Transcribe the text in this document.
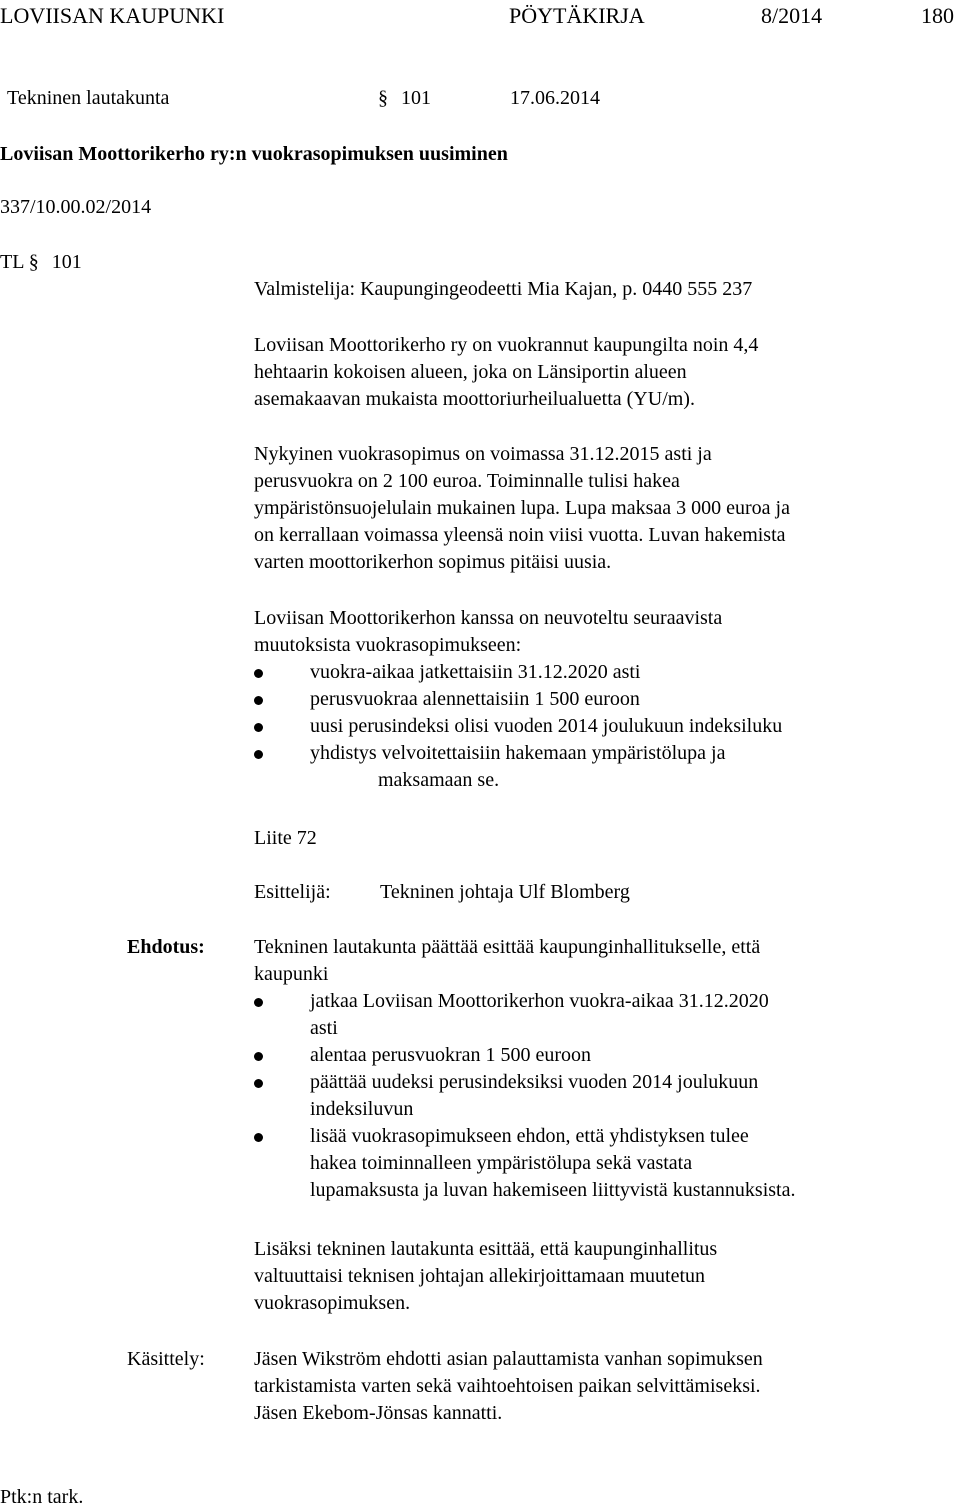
LOVIISAN KAUPUNKI	PÖYTÄKIRJA	8/2014	180
Tekninen lautakunta	§ 101	17.06.2014
Loviisan Moottorikerho ry:n vuokrasopimuksen uusiminen
337/10.00.02/2014
TL § 101
Valmistelija: Kaupungingeodeetti Mia Kajan, p. 0440 555 237

Loviisan Moottorikerho ry on vuokrannut kaupungilta noin 4,4

hehtaarin kokoisen alueen, joka on Länsiportin alueen

asemakaavan mukaista moottoriurheilualuetta (YU/m).

Nykyinen vuokrasopimus on voimassa 31.12.2015 asti ja

perusvuokra on 2 100 euroa. Toiminnalle tulisi hakea

ympäristönsuojelulain mukainen lupa. Lupa maksaa 3 000 euroa ja

on kerrallaan voimassa yleensä noin viisi vuotta. Luvan hakemista

varten moottorikerhon sopimus pitäisi uusia.

Loviisan Moottorikerhon kanssa on neuvoteltu seuraavista

muutoksista vuokrasopimukseen:

vuokra-aikaa jatkettaisiin 31.12.2020 asti
perusvuokraa alennettaisiin 1 500 euroon
uusi perusindeksi olisi vuoden 2014 joulukuun indeksiluku
yhdistys velvoitettaisiin hakemaan ympäristölupa ja
maksamaan se.
Liite 72
Esittelijä: Tekninen johtaja Ulf Blomberg
Ehdotus: Tekninen lautakunta päättää esittää kaupunginhallitukselle, että

kaupunki

jatkaa Loviisan Moottorikerhon vuokra-aikaa 31.12.2020
asti
alentaa perusvuokran 1 500 euroon
päättää uudeksi perusindeksiksi vuoden 2014 joulukuun
indeksiluvun
lisää vuokrasopimukseen ehdon, että yhdistyksen tulee
hakea toiminnalleen ympäristölupa sekä vastata
lupamaksusta ja luvan hakemiseen liittyvistä kustannuksista.

Lisäksi tekninen lautakunta esittää, että kaupunginhallitus

valtuuttaisi teknisen johtajan allekirjoittamaan muutetun

vuokrasopimuksen.

Käsittely: Jäsen Wikström ehdotti asian palauttamista vanhan sopimuksen

tarkistamista varten sekä vaihtoehtoisen paikan selvittämiseksi.

Jäsen Ekebom-Jönsas kannatti.

Ptk:n tark.
